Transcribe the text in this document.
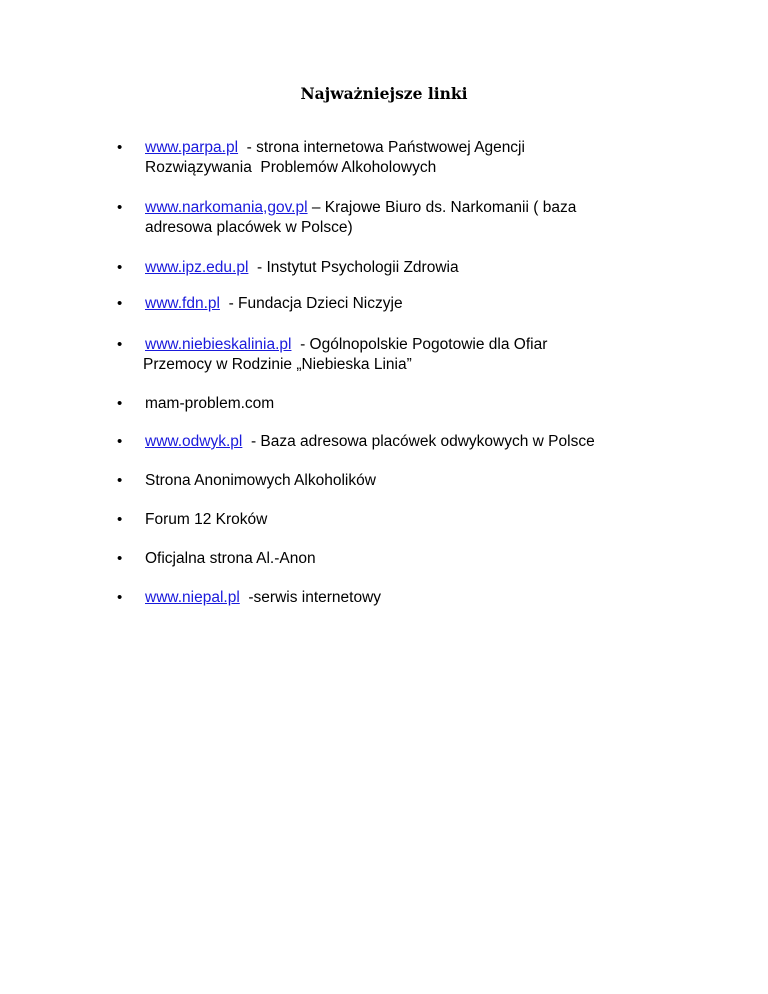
Najważniejsze linki
• www.parpa.pl  - strona internetowa Państwowej Agencji
Rozwiązywania  Problemów Alkoholowych
• www.narkomania,gov.pl – Krajowe Biuro ds. Narkomanii ( baza
adresowa placówek w Polsce)
• www.ipz.edu.pl  - Instytut Psychologii Zdrowia
• www.fdn.pl  - Fundacja Dzieci Niczyje
• www.niebieskalinia.pl  - Ogólnopolskie Pogotowie dla Ofiar
Przemocy w Rodzinie „Niebieska Linia”
• mam-problem.com
• www.odwyk.pl  - Baza adresowa placówek odwykowych w Polsce
• Strona Anonimowych Alkoholików
• Forum 12 Kroków
• Oficjalna strona Al.-Anon
• www.niepal.pl  -serwis internetowy
